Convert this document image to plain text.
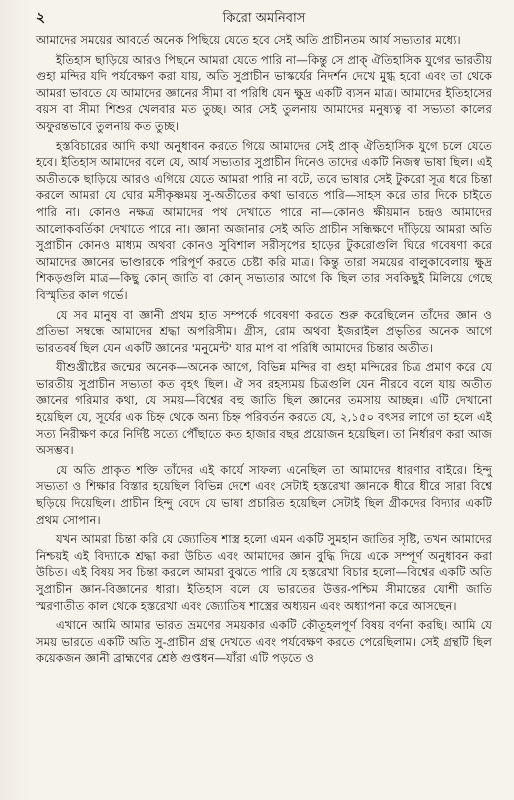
২	কিরো অমনিবাস

আমাদের সময়ের আবর্তে অনেক পিছিয়ে যেতে হবে সেই অতি প্রাচীনতম আর্য সভ্যতার মধ্যে।

ইতিহাস ছাড়িয়ে আরও পিছনে আমরা যেতে পারি না—কিন্তু সে প্রাক্‌ ঐতিহাসিক যুগের ভারতীয় গুহা মন্দির যদি পর্যবেক্ষণ করা যায়, অতি সুপ্রাচীন ভাস্কর্যের নিদর্শন দেখে মুগ্ধ হবো এবং তা থেকে আমরা ভাবতে যে আমাদের জ্ঞানের সীমা বা পরিধি যেন ক্ষুদ্র একটি ব্যসন মাত্র। আমাদের ইতিহাসের বয়স বা সীমা শিশুর খেলবার মত তুচ্ছ। আর সেই তুলনায় আমাদের মনুষ্যত্ব বা সভ্যতা কালের অফুরন্তভাবে তুলনায় কত তুচ্ছ।

হস্তবিচারের আদি কথা অনুধাবন করতে গিয়ে আমাদের সেই প্রাক্‌ ঐতিহাসিক যুগে চলে যেতে হবে। ইতিহাস আমাদের বলে যে, আর্য সভ্যতার সুপ্রাচীন দিনেও তাদের একটি নিজস্ব ভাষা ছিল। এই অতীতকে ছাড়িয়ে আরও এগিয়ে যেতে আমরা পারি না বটে, তবে ভাষার সেই টুকরো সূত্র ধরে চিন্তা করলে আমরা যে ঘোর মসীকৃষ্ণময় সু-অতীতের কথা ভাবতে পারি—সাহস করে তার দিকে চাইতে পারি না। কোনও নক্ষত্র আমাদের পথ দেখাতে পারে না—কোনও ক্ষীয়মান চন্দ্রও আমাদের আলোকবর্তিকা দেখাতে পারে না। জ্ঞানা অজানার সেই অতি প্রাচীন সন্ধিক্ষণে দাঁড়িয়ে আমরা অতি সুপ্রাচীন কোনও মাধ্যম অথবা কোনও সুবিশাল সরীসৃপের হাড়ের টুকরোগুলি ঘিরে গবেষণা করে আমাদের জ্ঞানের ভাণ্ডারকে পরিপূর্ণ করতে চেষ্টা করি মাত্র। কিন্তু তারা সময়ের বালুকাবেলায় ক্ষুদ্র শিকড়গুলি মাত্র—কিছু কোন্‌ জাতি বা কোন্‌ সভ্যতার আগে কি ছিল তার সবকিছুই মিলিয়ে গেছে বিস্মৃতির কাল গর্ভে।

যে সব মানুষ বা জ্ঞানী প্রথম হাত সম্পর্কে গবেষণা করতে শুরু করেছিলেন তাঁদের জ্ঞান ও প্রতিভা সম্বন্ধে আমাদের শ্রদ্ধা অপরিসীম। গ্রীস, রোম অথবা ইজরাইল প্রভৃতির অনেক আগে ভারতবর্ষ ছিল যেন একটি জ্ঞানের 'মনুমেন্ট' যার মাপ বা পরিধি আমাদের চিন্তার অতীত।

যীশুখ্রীষ্টের জন্মের অনেক—অনেক আগে, বিভিন্ন মন্দির বা গুহা মন্দিরের চিত্র প্রমাণ করে যে ভারতীয় সুপ্রাচীন সভ্যতা কত বৃহৎ ছিল। ঐ সব রহস্যময় চিত্রগুলি যেন নীরবে বলে যায় অতীত জ্ঞানের গরিমার কথা, যে সময়—বিশ্বের বহু জাতি ছিল জ্ঞানের তমসায় আচ্ছন্ন। এটি দেখানো হয়েছিল যে, সূর্যের এক চিহ্ন থেকে অন্য চিহ্ন পরিবর্তন করতে যে, ২,১৫০ বৎসর লাগে তা হলে এই সত্য নিরীক্ষণ করে নির্দিষ্ট সত্যে পৌঁছাতে কত হাজার বছর প্রয়োজন হয়েছিল। তা নির্ধারণ করা আজ অসম্ভব।

যে অতি প্রাকৃত শক্তি তাঁদের এই কার্যে সাফল্য এনেছিল তা আমাদের ধারণার বাইরে। হিন্দু সভ্যতা ও শিক্ষার বিস্তার হয়েছিল বিভিন্ন দেশে এবং সেটাই হস্তরেখা জ্ঞানকে ধীরে ধীরে সারা বিশ্বে ছড়িয়ে দিয়েছিল। প্রাচীন হিন্দু বেদে যে ভাষা প্রচারিত হয়েছিল সেটাই ছিল গ্রীকদের বিদ্যার একটি প্রথম সোপান।

যখন আমরা চিন্তা করি যে জ্যোতিষ শাস্ত্র হলো এমন একটি সুমহান জাতির সৃষ্টি, তখন আমাদের নিশ্চয়ই এই বিদ্যাকে শ্রদ্ধা করা উচিত এবং আমাদের জ্ঞান বুদ্ধি দিয়ে একে সম্পূর্ণ অনুধাবন করা উচিত। এই বিষয় সব চিন্তা করলে আমরা বুঝতে পারি যে হস্তরেখা বিচার হলো—বিশ্বের একটি অতি সুপ্রাচীন জ্ঞান-বিজ্ঞানের ধারা। ইতিহাস বলে যে ভারতের উত্তর-পশ্চিম সীমান্তের যোশী জাতি স্মরণাতীত কাল থেকে হস্তরেখা এবং জ্যোতিষ শাস্ত্রের অধ্যয়ন এবং অধ্যাপনা করে আসছেন।

এখানে আমি আমার ভারত ভ্রমণের সময়কার একটি কৌতূহলপূর্ণ বিষয় বর্ণনা করছি। আমি যে সময় ভারতে একটি অতি সু-প্রাচীন গ্রন্থ দেখতে এবং পর্যবেক্ষণ করতে পেরেছিলাম। সেই গ্রন্থটি ছিল কয়েকজন জ্ঞানী ব্রাহ্মণের শ্রেষ্ঠ গুপ্তধন—যাঁরা এটি পড়তে ও
